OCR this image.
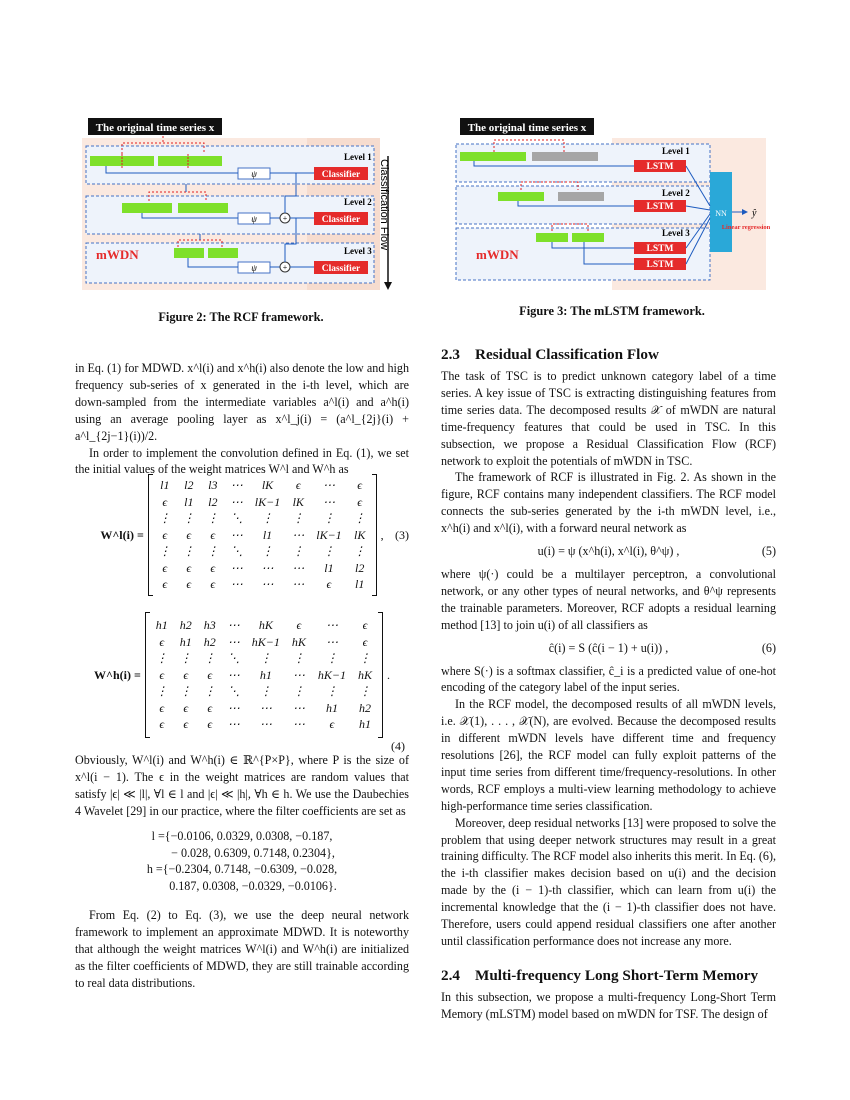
The original time series x
ψ
ψ
ψ
+
+
Classifier
Classifier
Classifier
Level 1
Level 2
Level 3
mWDN
Classification Flow
Figure 2: The RCF framework.
The original time series x
LSTM
LSTM
LSTM
LSTM
Level 1
Level 2
Level 3
NN	ŷ
Linear regression
mWDN
Figure 3: The mLSTM framework.

in Eq. (1) for MDWD. x^l(i) and x^h(i) also denote the low and high frequency sub-series of x generated in the i-th level, which are down-sampled from the intermediate variables a^l(i) and a^h(i) using an average pooling layer as x^l_j(i) = (a^l_{2j}(i) + a^l_{2j−1}(i))/2.

In order to implement the convolution defined in Eq. (1), we set the initial values of the weight matrices W^l and W^h as

W^l(i) =
l1	l2	l3	⋯	lK	ϵ	⋯	ϵ
ϵ	l1	l2	⋯	lK−1	lK	⋯	ϵ
⋮	⋮	⋮	⋱	⋮	⋮	⋮	⋮
ϵ	ϵ	ϵ	⋯	l1	⋯	lK−1	lK
⋮	⋮	⋮	⋱	⋮	⋮	⋮	⋮
ϵ	ϵ	ϵ	⋯	⋯	⋯	l1	l2
ϵ	ϵ	ϵ	⋯	⋯	⋯	ϵ	l1
, (3)
W^h(i) =
h1	h2	h3	⋯	hK	ϵ	⋯	ϵ
ϵ	h1	h2	⋯	hK−1	hK	⋯	ϵ
⋮	⋮	⋮	⋱	⋮	⋮	⋮	⋮
ϵ	ϵ	ϵ	⋯	h1	⋯	hK−1	hK
⋮	⋮	⋮	⋱	⋮	⋮	⋮	⋮
ϵ	ϵ	ϵ	⋯	⋯	⋯	h1	h2
ϵ	ϵ	ϵ	⋯	⋯	⋯	ϵ	h1
.
(4)

Obviously, W^l(i) and W^h(i) ∈ ℝ^{P×P}, where P is the size of x^l(i − 1). The ϵ in the weight matrices are random values that satisfy |ϵ| ≪ |l|, ∀l ∈ l and |ϵ| ≪ |h|, ∀h ∈ h. We use the Daubechies 4 Wavelet [29] in our practice, where the filter coefficients are set as

l ={−0.0106, 0.0329, 0.0308, −0.187,
− 0.028, 0.6309, 0.7148, 0.2304},
h ={−0.2304, 0.7148, −0.6309, −0.028,
0.187, 0.0308, −0.0329, −0.0106}.

From Eq. (2) to Eq. (3), we use the deep neural network framework to implement an approximate MDWD. It is noteworthy that although the weight matrices W^l(i) and W^h(i) are initialized as the filter coefficients of MDWD, they are still trainable according to real data distributions.

2.3 Residual Classification Flow

The task of TSC is to predict unknown category label of a time series. A key issue of TSC is extracting distinguishing features from time series data. The decomposed results 𝒳 of mWDN are natural time-frequency features that could be used in TSC. In this subsection, we propose a Residual Classification Flow (RCF) network to exploit the potentials of mWDN in TSC.

The framework of RCF is illustrated in Fig. 2. As shown in the figure, RCF contains many independent classifiers. The RCF model connects the sub-series generated by the i-th mWDN level, i.e., x^h(i) and x^l(i), with a forward neural network as

u(i) = ψ (x^h(i), x^l(i), θ^ψ) ,	(5)

where ψ(·) could be a multilayer perceptron, a convolutional network, or any other types of neural networks, and θ^ψ represents the trainable parameters. Moreover, RCF adopts a residual learning method [13] to join u(i) of all classifiers as

ĉ(i) = S (ĉ(i − 1) + u(i)) ,	(6)

where S(·) is a softmax classifier, ĉ_i is a predicted value of one-hot encoding of the category label of the input series.

In the RCF model, the decomposed results of all mWDN levels, i.e. 𝒳(1), . . . , 𝒳(N), are evolved. Because the decomposed results in different mWDN levels have different time and frequency resolutions [26], the RCF model can fully exploit patterns of the input time series from different time/frequency-resolutions. In other words, RCF employs a multi-view learning methodology to achieve high-performance time series classification.

Moreover, deep residual networks [13] were proposed to solve the problem that using deeper network structures may result in a great training difficulty. The RCF model also inherits this merit. In Eq. (6), the i-th classifier makes decision based on u(i) and the decision made by the (i − 1)-th classifier, which can learn from u(i) the incremental knowledge that the (i − 1)-th classifier does not have. Therefore, users could append residual classifiers one after another until classification performance does not increase any more.

2.4 Multi-frequency Long Short-Term Memory

In this subsection, we propose a multi-frequency Long-Short Term Memory (mLSTM) model based on mWDN for TSF. The design of
